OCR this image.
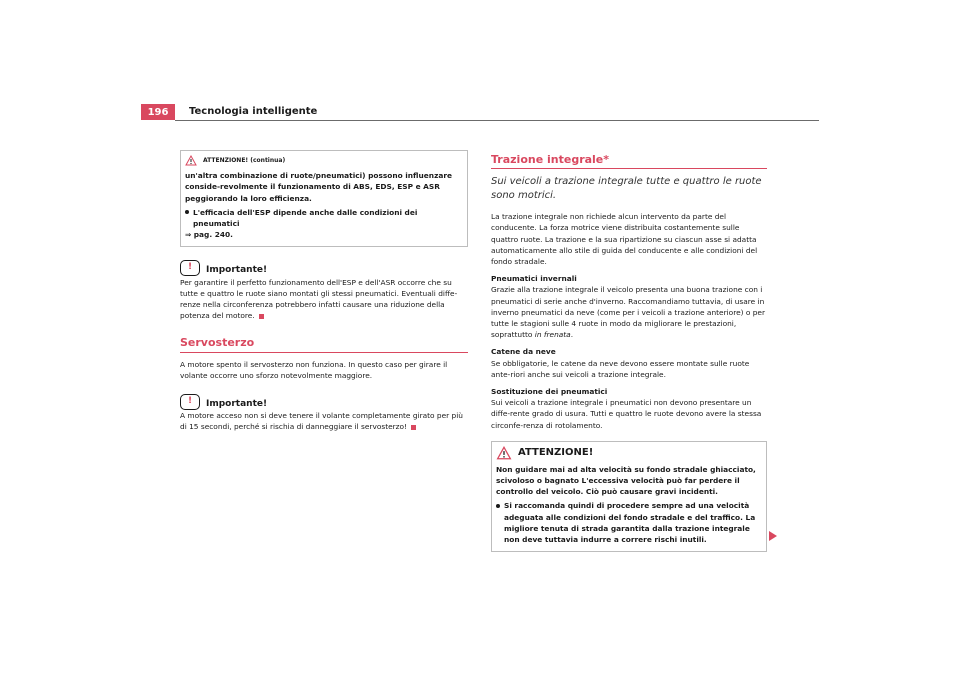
196	Tecnologia intelligente
ATTENZIONE! (continua)
un'altra combinazione di ruote/pneumatici) possono influenzare conside-revolmente il funzionamento di ABS, EDS, ESP e ASR peggiorando la loro efficienza.
L'efficacia dell'ESP dipende anche dalle condizioni dei pneumatici
⇒ pag. 240.
!	Importante!
Per garantire il perfetto funzionamento dell'ESP e dell'ASR occorre che su tutte e quattro le ruote siano montati gli stessi pneumatici. Eventuali diffe-renze nella circonferenza potrebbero infatti causare una riduzione della potenza del motore.
Servosterzo
A motore spento il servosterzo non funziona. In questo caso per girare il volante occorre uno sforzo notevolmente maggiore.
!	Importante!
A motore acceso non si deve tenere il volante completamente girato per più di 15 secondi, perché si rischia di danneggiare il servosterzo!
Trazione integrale*
Sui veicoli a trazione integrale tutte e quattro le ruote sono motrici.
La trazione integrale non richiede alcun intervento da parte del conducente. La forza motrice viene distribuita costantemente sulle quattro ruote. La trazione e la sua ripartizione su ciascun asse si adatta automaticamente allo stile di guida del conducente e alle condizioni del fondo stradale.
Pneumatici invernali
Grazie alla trazione integrale il veicolo presenta una buona trazione con i pneumatici di serie anche d'inverno. Raccomandiamo tuttavia, di usare in inverno pneumatici da neve (come per i veicoli a trazione anteriore) o per tutte le stagioni sulle 4 ruote in modo da migliorare le prestazioni, soprattutto in frenata.
Catene da neve
Se obbligatorie, le catene da neve devono essere montate sulle ruote ante-riori anche sui veicoli a trazione integrale.
Sostituzione dei pneumatici
Sui veicoli a trazione integrale i pneumatici non devono presentare un diffe-rente grado di usura. Tutti e quattro le ruote devono avere la stessa circonfe-renza di rotolamento.
ATTENZIONE!
Non guidare mai ad alta velocità su fondo stradale ghiacciato, scivoloso o bagnato L'eccessiva velocità può far perdere il controllo del veicolo. Ciò può causare gravi incidenti.
Si raccomanda quindi di procedere sempre ad una velocità adeguata alle condizioni del fondo stradale e del traffico. La migliore tenuta di strada garantita dalla trazione integrale non deve tuttavia indurre a correre rischi inutili.
